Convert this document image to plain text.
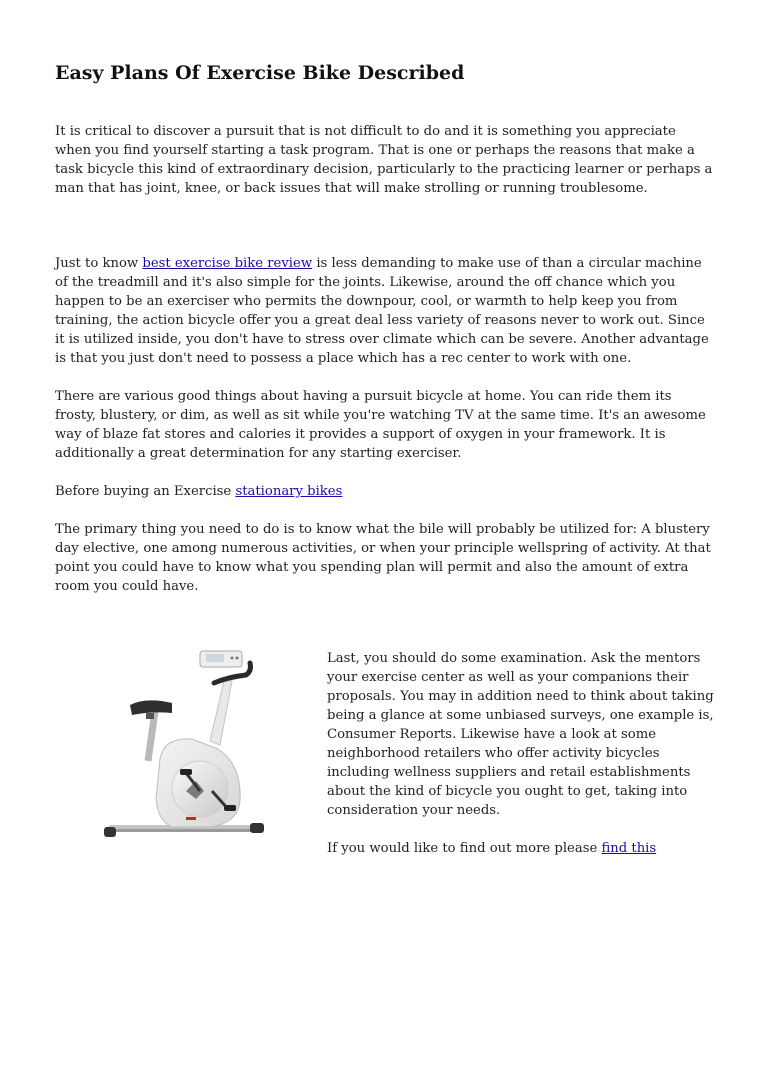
Easy Plans Of Exercise Bike Described

It is critical to discover a pursuit that is not difficult to do and it is something you appreciate when you find yourself starting a task program. That is one or perhaps the reasons that make a task bicycle this kind of extraordinary decision, particularly to the practicing learner or perhaps a man that has joint, knee, or back issues that will make strolling or running troublesome.

Just to know best exercise bike review is less demanding to make use of than a circular machine of the treadmill and it's also simple for the joints. Likewise, around the off chance which you happen to be an exerciser who permits the downpour, cool, or warmth to help keep you from training, the action bicycle offer you a great deal less variety of reasons never to work out. Since it is utilized inside, you don't have to stress over climate which can be severe. Another advantage is that you just don't need to possess a place which has a rec center to work with one.

There are various good things about having a pursuit bicycle at home. You can ride them its frosty, blustery, or dim, as well as sit while you're watching TV at the same time. It's an awesome way of blaze fat stores and calories it provides a support of oxygen in your framework. It is additionally a great determination for any starting exerciser.

Before buying an Exercise stationary bikes

The primary thing you need to do is to know what the bile will probably be utilized for: A blustery day elective, one among numerous activities, or when your principle wellspring of activity. At that point you could have to know what you spending plan will permit and also the amount of extra room you could have.

Last, you should do some examination. Ask the mentors your exercise center as well as your companions their proposals. You may in addition need to think about taking being a glance at some unbiased surveys, one example is, Consumer Reports. Likewise have a look at some neighborhood retailers who offer activity bicycles including wellness suppliers and retail establishments about the kind of bicycle you ought to get, taking into consideration your needs.

If you would like to find out more please find this
